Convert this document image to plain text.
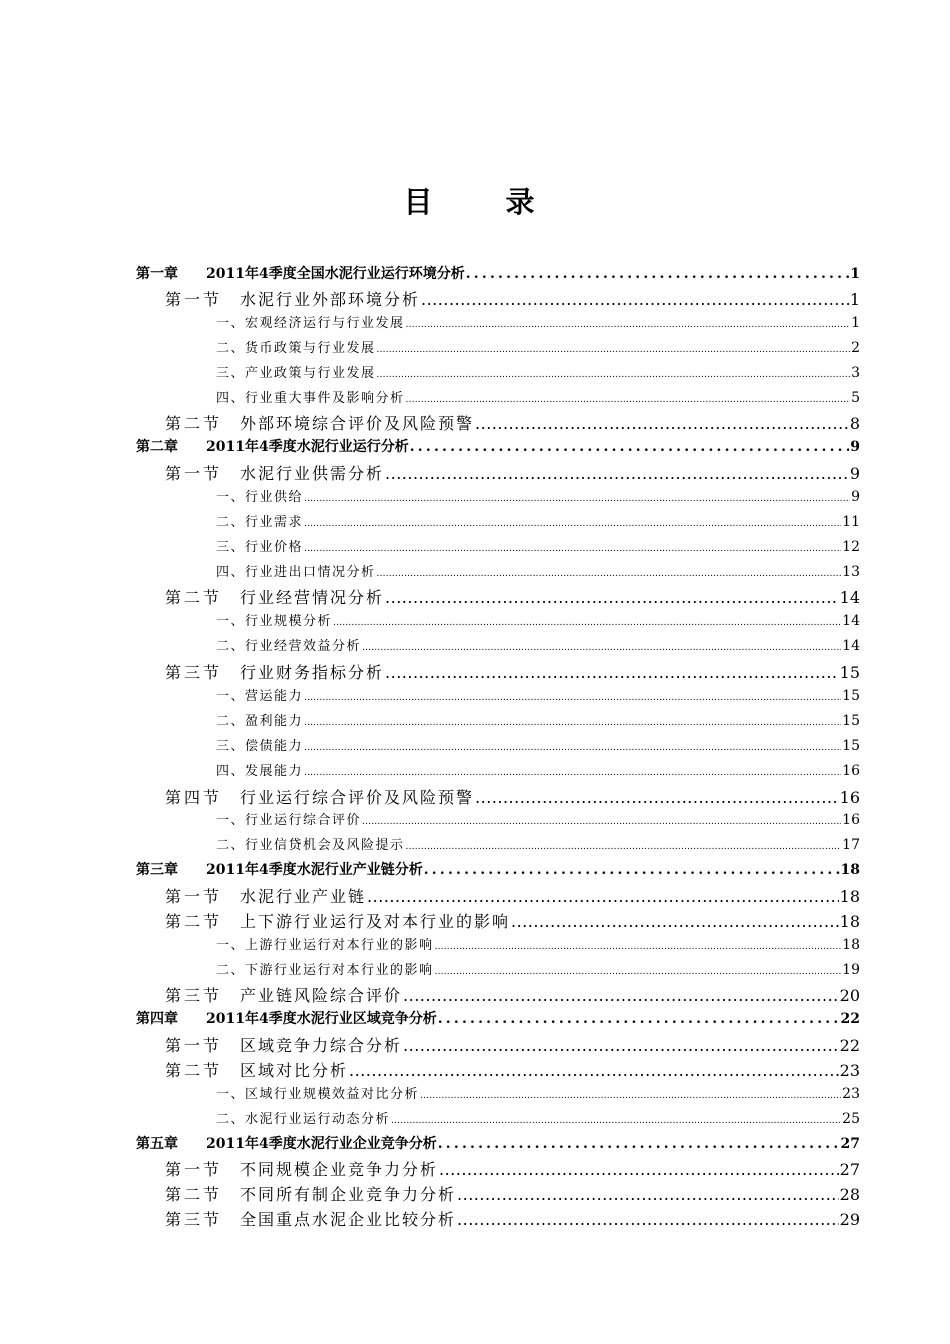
目　录
第一章 2011年4季度全国水泥行业运行环境分析 .....	1
第一节 水泥行业外部环境分析 .....	1
一、宏观经济运行与行业发展 .....	1
二、货币政策与行业发展 .....	2
三、产业政策与行业发展 .....	3
四、行业重大事件及影响分析 .....	5
第二节 外部环境综合评价及风险预警 .....	8
第二章 2011年4季度水泥行业运行分析 .....	9
第一节 水泥行业供需分析 .....	9
一、行业供给 .....	9
二、行业需求 .....	11
三、行业价格 .....	12
四、行业进出口情况分析 .....	13
第二节 行业经营情况分析 .....	14
一、行业规模分析 .....	14
二、行业经营效益分析 .....	14
第三节 行业财务指标分析 .....	15
一、营运能力 .....	15
二、盈利能力 .....	15
三、偿债能力 .....	15
四、发展能力 .....	16
第四节 行业运行综合评价及风险预警 .....	16
一、行业运行综合评价 .....	16
二、行业信贷机会及风险提示 .....	17
第三章 2011年4季度水泥行业产业链分析 .....	18
第一节 水泥行业产业链 .....	18
第二节 上下游行业运行及对本行业的影响 .....	18
一、上游行业运行对本行业的影响 .....	18
二、下游行业运行对本行业的影响 .....	19
第三节 产业链风险综合评价 .....	20
第四章 2011年4季度水泥行业区域竞争分析 .....	22
第一节 区域竞争力综合分析 .....	22
第二节 区域对比分析 .....	23
一、区域行业规模效益对比分析 .....	23
二、水泥行业运行动态分析 .....	25
第五章 2011年4季度水泥行业企业竞争分析 .....	27
第一节 不同规模企业竞争力分析 .....	27
第二节 不同所有制企业竞争力分析 .....	28
第三节 全国重点水泥企业比较分析 .....	29
